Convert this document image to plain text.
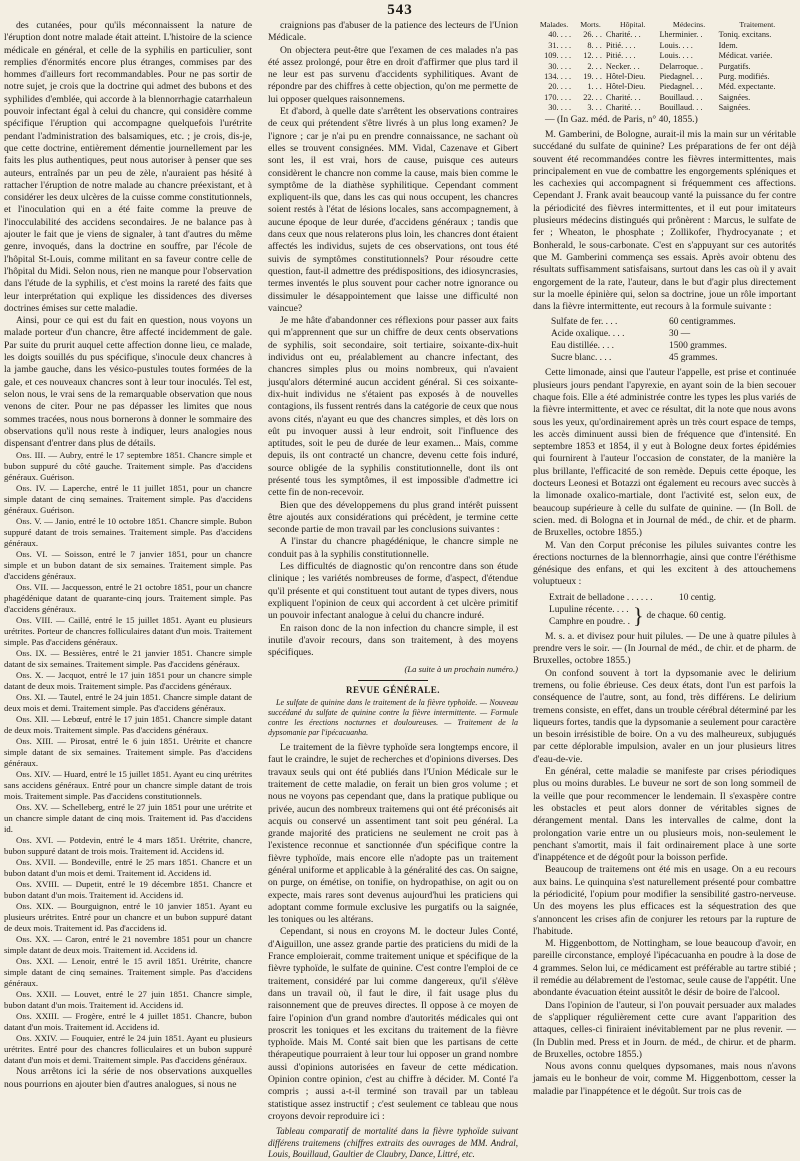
543

des cutanées, pour qu'ils méconnaissent la nature de l'éruption dont notre malade était atteint. L'histoire de la science médicale en général, et celle de la syphilis en particulier, sont remplies d'énormités encore plus étranges, commises par des hommes d'ailleurs fort recommandables. Pour ne pas sortir de notre sujet, je crois que la doctrine qui admet des bubons et des syphilides d'emblée, qui accorde à la blennorrhagie catarrhaleun pouvoir infectant égal à celui du chancre, qui considère comme spécifique l'éruption qui accompagne quelquefois l'urétrite pendant l'administration des balsamiques, etc. ; je crois, dis-je, que cette doctrine, entièrement démentie journellement par les faits les plus authentiques, peut nous autoriser à penser que ses auteurs, entraînés par un peu de zèle, n'auraient pas hésité à rattacher l'éruption de notre malade au chancre préexistant, et à considérer les deux ulcères de la cuisse comme constitutionnels, et l'inoculation qui en a été faite comme la preuve de l'inocculabilité des accidens secondaires. Je ne balance pas à ajouter le fait que je viens de signaler, à tant d'autres du même genre, invoqués, dans la doctrine en souffre, par l'école de l'hôpital St-Louis, comme militant en sa faveur contre celle de l'hôpital du Midi. Selon nous, rien ne manque pour l'observation dans l'étude de la syphilis, et c'est moins la rareté des faits que leur interprétation qui explique les dissidences des diverses doctrines émises sur cette maladie.

Ainsi, pour ce qui est du fait en question, nous voyons un malade porteur d'un chancre, être affecté incidemment de gale. Par suite du prurit auquel cette affection donne lieu, ce malade, les doigts souillés du pus spécifique, s'inocule deux chancres à la jambe gauche, dans les vésico-pustules toutes formées de la gale, et ces nouveaux chancres sont à leur tour inoculés. Tel est, selon nous, le vrai sens de la remarquable observation que nous venons de citer. Pour ne pas dépasser les limites que nous sommes tracées, nous nous bornerons à donner le sommaire des observations qu'il nous reste à indiquer, leurs analogies nous dispensant d'entrer dans plus de détails.

Obs. III. — Aubry, entré le 17 septembre 1851. Chancre simple et bubon suppuré du côté gauche. Traitement simple. Pas d'accidens généraux. Guérison.

Obs. IV. — Laperche, entré le 11 juillet 1851, pour un chancre simple datant de cinq semaines. Traitement simple. Pas d'accidens généraux. Guérison.

Obs. V. — Janio, entré le 10 octobre 1851. Chancre simple. Bubon suppuré datant de trois semaines. Traitement simple. Pas d'accidens généraux.

Obs. VI. — Soisson, entré le 7 janvier 1851, pour un chancre simple et un bubon datant de six semaines. Traitement simple. Pas d'accidens généraux.

Obs. VII. — Jacquesson, entré le 21 octobre 1851, pour un chancre phagédénique datant de quarante-cinq jours. Traitement simple. Pas d'accidens généraux.

Obs. VIII. — Caillé, entré le 15 juillet 1851. Ayant eu plusieurs urétrites. Porteur de chancres folliculaires datant d'un mois. Traitement simple. Pas d'accidens généraux.

Obs. IX. — Bessières, entré le 21 janvier 1851. Chancre simple datant de six semaines. Traitement simple. Pas d'accidens généraux.

Obs. X. — Jacquot, entré le 17 juin 1851 pour un chancre simple datant de deux mois. Traitement simple. Pas d'accidens généraux.

Obs. XI. — Tautel, entré le 24 juin 1851. Chancre simple datant de deux mois et demi. Traitement simple. Pas d'accidens généraux.

Obs. XII. — Lebœuf, entré le 17 juin 1851. Chancre simple datant de deux mois. Traitement simple. Pas d'accidens généraux.

Obs. XIII. — Pirosat, entré le 6 juin 1851. Urétrite et chancre simple datant de six semaines. Traitement simple. Pas d'accidens généraux.

Obs. XIV. — Huard, entré le 15 juillet 1851. Ayant eu cinq urétrites sans accidens généraux. Entré pour un chancre simple datant de trois mois. Traitement simple. Pas d'accidens constitutionnels.

Obs. XV. — Schelleberg, entré le 27 juin 1851 pour une urétrite et un chancre simple datant de cinq mois. Traitement id. Pas d'accidens id.

Obs. XVI. — Potdevin, entré le 4 mars 1851. Urétrite, chancre, bubon suppuré datant de trois mois. Traitement id. Accidens id.

Obs. XVII. — Bondeville, entré le 25 mars 1851. Chancre et un bubon datant d'un mois et demi. Traitement id. Accidens id.

Obs. XVIII. — Dupetit, entré le 19 décembre 1851. Chancre et bubon datant d'un mois. Traitement id. Accidens id.

Obs. XIX. — Bourguignon, entré le 10 janvier 1851. Ayant eu plusieurs urétrites. Entré pour un chancre et un bubon suppuré datant de deux mois. Traitement id. Pas d'accidens id.

Obs. XX. — Caron, entré le 21 novembre 1851 pour un chancre simple datant de deux mois. Traitement id. Accidens id.

Obs. XXI. — Lenoir, entré le 15 avril 1851. Urétrite, chancre simple datant de cinq semaines. Traitement simple. Pas d'accidens généraux.

Obs. XXII. — Louvet, entré le 27 juin 1851. Chancre simple, bubon datant d'un mois. Traitement id. Accidens id.

Obs. XXIII. — Frogère, entré le 4 juillet 1851. Chancre, bubon datant d'un mois. Traitement id. Accidens id.

Obs. XXIV. — Fouquier, entré le 24 juin 1851. Ayant eu plusieurs urétrites. Entré pour des chancres folliculaires et un bubon suppuré datant d'un mois et demi. Traitement simple. Pas d'accidens généraux.

Nous arrêtons ici la série de nos observations auxquelles nous pourrions en ajouter bien d'autres analogues, si nous ne

craignions pas d'abuser de la patience des lecteurs de l'Union Médicale.

On objectera peut-être que l'examen de ces malades n'a pas été assez prolongé, pour être en droit d'affirmer que plus tard il ne leur est pas survenu d'accidents syphilitiques. Avant de répondre par des chiffres à cette objection, qu'on me permette de lui opposer quelques raisonnemens.

Et d'abord, à quelle date s'arrêtent les observations contraires de ceux qui prétendent s'être livrés à un plus long examen? Je l'ignore ; car je n'ai pu en prendre connaissance, ne sachant où elles se trouvent consignées. MM. Vidal, Cazenave et Gibert sont les, il est vrai, hors de cause, puisque ces auteurs considèrent le chancre non comme la cause, mais bien comme le symptôme de la diathèse syphilitique. Cependant comment expliquent-ils que, dans les cas qui nous occupent, les chancres soient restés à l'état de lésions locales, sans accompagnement, à aucune époque de leur durée, d'accidens généraux ; tandis que dans ceux que nous relaterons plus loin, les chancres dont étaient affectés les individus, sujets de ces observations, ont tous été suivis de symptômes constitutionnels? Pour résoudre cette question, faut-il admettre des prédispositions, des idiosyncrasies, termes inventés le plus souvent pour cacher notre ignorance ou dissimuler le désappointement que laisse une difficulté non vaincue?

Je me hâte d'abandonner ces réflexions pour passer aux faits qui m'apprennent que sur un chiffre de deux cents observations de syphilis, soit secondaire, soit tertiaire, soixante-dix-huit individus ont eu, préalablement au chancre infectant, des chancres simples plus ou moins nombreux, qui n'avaient jusqu'alors déterminé aucun accident général. Si ces soixante-dix-huit individus ne s'étaient pas exposés à de nouvelles contagions, ils fussent rentrés dans la catégorie de ceux que nous avons cités, n'ayant eu que des chancres simples, et dès lors on eût pu invoquer aussi à leur endroit, soit l'influence des aptitudes, soit le peu de durée de leur examen... Mais, comme depuis, ils ont contracté un chancre, devenu cette fois induré, source obligée de la syphilis constitutionnelle, dont ils ont présenté tous les symptômes, il est impossible d'admettre ici cette fin de non-recevoir.

Bien que des développemens du plus grand intérêt puissent être ajoutés aux considérations qui précèdent, je termine cette seconde partie de mon travail par les conclusions suivantes :

A l'instar du chancre phagédénique, le chancre simple ne conduit pas à la syphilis constitutionnelle.

Les difficultés de diagnostic qu'on rencontre dans son étude clinique ; les variétés nombreuses de forme, d'aspect, d'étendue qu'il présente et qui constituent tout autant de types divers, nous expliquent l'opinion de ceux qui accordent à cet ulcère primitif un pouvoir infectant analogue à celui du chancre induré.

En raison donc de la non infection du chancre simple, il est inutile d'avoir recours, dans son traitement, à des moyens spécifiques.

(La suite à un prochain numéro.)
REVUE GÉNÉRALE.
Le sulfate de quinine dans le traitement de la fièvre typhoïde. — Nouveau succédané du sulfate de quinine contre la fièvre intermittente. — Formule contre les érections nocturnes et douloureuses. — Traitement de la dypsomanie par l'ipécacuanha.

Le traitement de la fièvre typhoïde sera longtemps encore, il faut le craindre, le sujet de recherches et d'opinions diverses. Des travaux seuls qui ont été publiés dans l'Union Médicale sur le traitement de cette maladie, on ferait un bien gros volume ; et nous ne voyons pas cependant que, dans la pratique publique ou privée, aucun des nombreux traitemens qui ont été préconisés ait acquis ou conservé un assentiment tant soit peu général. La grande majorité des praticiens ne seulement ne croit pas à l'existence reconnue et sanctionnée d'un spécifique contre la fièvre typhoïde, mais encore elle n'adopte pas un traitement général uniforme et applicable à la généralité des cas. On saigne, on purge, on émétise, on tonifie, on hydropathise, on agit ou on expecte, mais rares sont devenus aujourd'hui les praticiens qui adoptant comme formule exclusive les purgatifs ou la saignée, les toniques ou les altérans.

Cependant, si nous en croyons M. le docteur Jules Conté, d'Aiguillon, une assez grande partie des praticiens du midi de la France emploierait, comme traitement unique et spécifique de la fièvre typhoïde, le sulfate de quinine. C'est contre l'emploi de ce traitement, considéré par lui comme dangereux, qu'il s'élève dans un travail où, il faut le dire, il fait usage plus du raisonnement que de preuves directes. Il oppose à ce moyen de faire l'opinion d'un grand nombre d'autorités médicales qui ont proscrit les toniques et les excitans du traitement de la fièvre typhoïde. Mais M. Conté sait bien que les partisans de cette thérapeutique pourraient à leur tour lui opposer un grand nombre aussi d'opinions autorisées en faveur de cette médication. Opinion contre opinion, c'est au chiffre à décider. M. Conté l'a compris ; aussi a-t-il terminé son travail par un tableau statistique assez instructif ; c'est seulement ce tableau que nous croyons devoir reproduire ici :

Tableau comparatif de mortalité dans la fièvre typhoïde suivant différens traitemens (chiffres extraits des ouvrages de MM. Andral, Louis, Bouillaud, Gaultier de Claubry, Dance, Littré, etc.
Malades.	Morts.	Hôpital.	Médecins.	Traitement.
40. . . .	26. . .	Charité. . .	Lherminier. .	Toniq. excitans.
31. . . .	8. . .	Pitié. . . .	Louis. . . .	Idem.
109. . . .	12. . .	Pitié. . . .	Louis. . . .	Médicat. variée.
30. . . .	2. . .	Necker. . .	Delarroque. .	Purgatifs.
134. . . .	19. . .	Hôtel-Dieu.	Piedagnel. . .	Purg. modifiés.
20. . . .	1. . .	Hôtel-Dieu.	Piedagnel. . .	Méd. expectante.
170. . . .	22. . .	Charité. . .	Bouillaud. . .	Saignées.
30. . . .	3. . .	Charité. . .	Bouillaud. . .	Saignées.
— (In Gaz. méd. de Paris, n° 40, 1855.)

M. Gamberini, de Bologne, aurait-il mis la main sur un véritable succédané du sulfate de quinine? Les préparations de fer ont déjà souvent été recommandées contre les fièvres intermittentes, mais principalement en vue de combattre les engorgements spléniques et les cachexies qui accompagnent si fréquemment ces affections. Cependant J. Frank avait beaucoup vanté la puissance du fer contre la périodicité des fièvres intermittentes, et il eut pour imitateurs plusieurs médecins distingués qui prônèrent : Marcus, le sulfate de fer ; Wheaton, le phosphate ; Zollikofer, l'hydrocyanate ; et Bonherald, le sous-carbonate. C'est en s'appuyant sur ces autorités que M. Gamberini commença ses essais. Après avoir obtenu des résultats suffisamment satisfaisans, surtout dans les cas où il y avait engorgement de la rate, l'auteur, dans le but d'agir plus directement sur la moelle épinière qui, selon sa doctrine, joue un rôle important dans la fièvre intermittente, eut recours à la formule suivante :

Sulfate de fer. . . .	60 centigrammes.
Acide oxalique. . . .	30 —
Eau distillée. . . .	1500 grammes.
Sucre blanc. . . .	45 grammes.

Cette limonade, ainsi que l'auteur l'appelle, est prise et continuée plusieurs jours pendant l'apyrexie, en ayant soin de la bien secouer chaque fois. Elle a été administrée contre les types les plus variés de la fièvre intermittente, et avec ce résultat, dit la note que nous avons sous les yeux, qu'ordinairement après un très court espace de temps, les accès diminuent aussi bien de fréquence que d'intensité. En septembre 1853 et 1854, il y eut à Bologne deux fortes épidémies qui fournirent à l'auteur l'occasion de constater, de la manière la plus brillante, l'efficacité de son remède. Depuis cette époque, les docteurs Leonesi et Botazzi ont également eu recours avec succès à la limonade oxalico-martiale, dont l'activité est, selon eux, de beaucoup supérieure à celle du sulfate de quinine. — (In Boll. de scien. med. di Bologna et in Journal de méd., de chir. et de pharm. de Bruxelles, octobre 1855.)

M. Van den Corput préconise les pilules suivantes contre les érections nocturnes de la blennorrhagie, ainsi que contre l'éréthisme génésique des enfans, et qui les excitent à des attouchemens voluptueux :

Extrait de belladone . . . . . .	10 centig.
Lupuline récente. . . .
Camphre en poudre. . } de chaque. 60 centig.

M. s. a. et divisez pour huit pilules. — De une à quatre pilules à prendre vers le soir. — (In Journal de méd., de chir. et de pharm. de Bruxelles, octobre 1855.)

On confond souvent à tort la dypsomanie avec le delirium tremens, ou folie ébrieuse. Ces deux états, dont l'un est parfois la conséquence de l'autre, sont, au fond, très différens. Le delirium tremens consiste, en effet, dans un trouble cérébral déterminé par les liqueurs fortes, tandis que la dypsomanie a seulement pour caractère un besoin irrésistible de boire. On a vu des malheureux, subjugués par cette déplorable impulsion, avaler en un jour plusieurs litres d'eau-de-vie.

En général, cette maladie se manifeste par crises périodiques plus ou moins durables. Le buveur ne sort de son long sommeil de la veille que pour recommencer le lendemain. Il s'exaspère contre les obstacles et peut alors donner de véritables signes de dérangement mental. Dans les intervalles de calme, dont la prolongation varie entre un ou plusieurs mois, non-seulement le penchant s'amortit, mais il fait ordinairement place à une sorte d'inappétence et de dégoût pour la boisson perfide.

Beaucoup de traitemens ont été mis en usage. On a eu recours aux bains. Le quinquina s'est naturellement présenté pour combattre la périodicité, l'opium pour modifier la sensibilité gastro-nerveuse. Un des moyens les plus efficaces est la séquestration des que s'annoncent les crises afin de conjurer les retours par la rupture de l'habitude.

M. Higgenbottom, de Nottingham, se loue beaucoup d'avoir, en pareille circonstance, employé l'ipécacuanha en poudre à la dose de 4 grammes. Selon lui, ce médicament est préférable au tartre stibié ; il remédie au délabrement de l'estomac, seule cause de l'appétit. Une abondante évacuation éteint aussitôt le désir de boire de l'alcool.

Dans l'opinion de l'auteur, si l'on pouvait persuader aux malades de s'appliquer régulièrement cette cure avant l'apparition des attaques, celles-ci finiraient inévitablement par ne plus revenir. — (In Dublin med. Press et in Journ. de méd., de chirur. et de pharm. de Bruxelles, octobre 1855.)

Nous avons connu quelques dypsomanes, mais nous n'avons jamais eu le bonheur de voir, comme M. Higgenbottom, cesser la maladie par l'inappétence et le dégoût. Sur trois cas de
